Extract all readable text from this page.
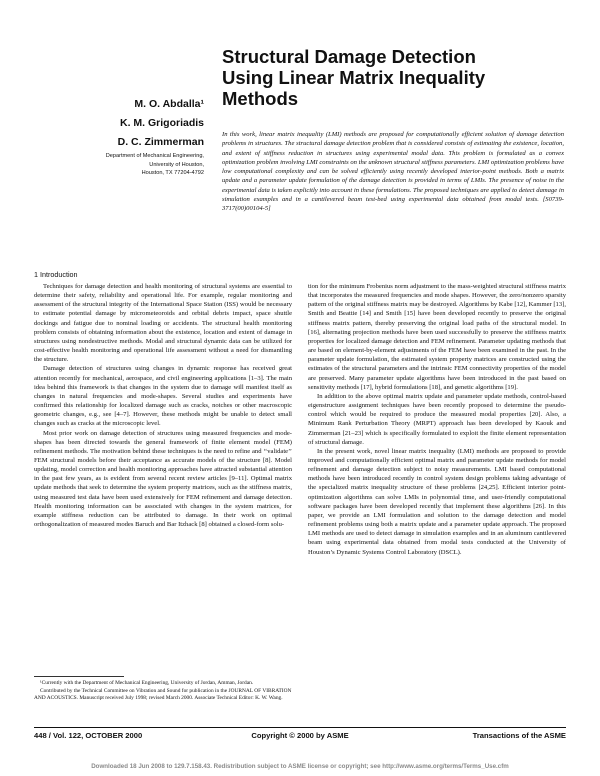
Structural Damage Detection
Using Linear Matrix Inequality
Methods
M. O. Abdalla¹
K. M. Grigoriadis
D. C. Zimmerman
Department of Mechanical Engineering,
University of Houston,
Houston, TX 77204-4792
In this work, linear matrix inequality (LMI) methods are proposed for computationally efficient solution of damage detection problems in structures. The structural damage detection problem that is considered consists of estimating the existence, location, and extent of stiffness reduction in structures using experimental modal data. This problem is formulated as a convex optimization problem involving LMI constraints on the unknown structural stiffness parameters. LMI optimization problems have low computational complexity and can be solved efficiently using recently developed interior-point methods. Both a matrix update and a parameter update formulation of the damage detection is provided in terms of LMIs. The presence of noise in the experimental data is taken explicitly into account in these formulations. The proposed techniques are applied to detect damage in simulation examples and in a cantilevered beam test-bed using experimental data obtained from modal tests. [S0739-3717(00)00104-5]
1 Introduction

Techniques for damage detection and health monitoring of structural systems are essential to determine their safety, reliability and operational life. For example, regular monitoring and assessment of the structural integrity of the International Space Station (ISS) would be necessary to estimate potential damage by micrometeoroids and orbital debris impact, space shuttle dockings and fatigue due to nominal loading or accidents. The structural health monitoring problem consists of obtaining information about the existence, location and extent of damage in structures using nondestructive methods. Modal and structural dynamic data can be utilized for cost-effective health monitoring and operational life assessment without a need for dismantling the structure.

Damage detection of structures using changes in dynamic response has received great attention recently for mechanical, aerospace, and civil engineering applications [1–3]. The main idea behind this framework is that changes in the system due to damage will manifest itself as changes in natural frequencies and mode-shapes. Several studies and experiments have confirmed this relationship for localized damage such as cracks, notches or other macroscopic geometric changes, e.g., see [4–7]. However, these methods might be unable to detect small changes such as cracks at the microscopic level.

Most prior work on damage detection of structures using measured frequencies and mode-shapes has been directed towards the general framework of finite element model (FEM) refinement methods. The motivation behind these techniques is the need to refine and ‘‘validate’’ FEM structural models before their acceptance as accurate models of the structure [8]. Model updating, model correction and health monitoring approaches have attracted substantial attention in the past few years, as is evident from several recent review articles [9–11]. Optimal matrix update methods that seek to determine the system property matrices, such as the stiffness matrix, using measured test data have been used extensively for FEM refinement and damage detection. Health monitoring information can be associated with changes in the system matrices, for example stiffness reduction can be attributed to damage. In their work on optimal orthogonalization of measured modes Baruch and Bar Itzhack [8] obtained a closed-form solu-

tion for the minimum Frobenius norm adjustment to the mass-weighted structural stiffness matrix that incorporates the measured frequencies and mode shapes. However, the zero/nonzero sparsity pattern of the original stiffness matrix may be destroyed. Algorithms by Kabe [12], Kammer [13], Smith and Beattie [14] and Smith [15] have been developed recently to preserve the original stiffness matrix pattern, thereby preserving the original load paths of the structural model. In [16], alternating projection methods have been used successfully to preserve the stiffness matrix properties for localized damage detection and FEM refinement. Parameter updating methods that are based on element-by-element adjustments of the FEM have been examined in the past. In the parameter update formulation, the estimated system property matrices are constructed using the estimates of the structural parameters and the intrinsic FEM connectivity properties of the model are preserved. Many parameter update algorithms have been introduced in the past based on sensitivity methods [17], hybrid formulations [18], and genetic algorithms [19].

In addition to the above optimal matrix update and parameter update methods, control-based eigenstructure assignment techniques have been recently proposed to determine the pseudo-control which would be required to produce the measured modal properties [20]. Also, a Minimum Rank Perturbation Theory (MRPT) approach has been developed by Kaouk and Zimmerman [21–23] which is specifically formulated to exploit the finite element representation of structural damage.

In the present work, novel linear matrix inequality (LMI) methods are proposed to provide improved and computationally efficient optimal matrix and parameter update methods for model refinement and damage detection subject to noisy measurements. LMI based computational methods have been introduced recently in control system design problems taking advantage of the specialized matrix inequality structure of these problems [24,25]. Efficient interior point-optimization algorithms can solve LMIs in polynomial time, and user-friendly computational software packages have been developed recently that implement these algorithms [26]. In this paper, we provide an LMI formulation and solution to the damage detection and model refinement problems using both a matrix update and a parameter update approach. The proposed LMI methods are used to detect damage in simulation examples and in an aluminum cantilevered beam using experimental data obtained from modal tests conducted at the University of Houston’s Dynamic Systems Control Laboratory (DSCL).

¹Currently with the Department of Mechanical Engineering, University of Jordan, Amman, Jordan.

Contributed by the Technical Committee on Vibration and Sound for publication in the JOURNAL OF VIBRATION AND ACOUSTICS. Manuscript received July 1998; revised March 2000. Associate Technical Editor: K. W. Wang.

448 / Vol. 122, OCTOBER 2000	Copyright © 2000 by ASME	Transactions of the ASME
Downloaded 18 Jun 2008 to 129.7.158.43. Redistribution subject to ASME license or copyright; see http://www.asme.org/terms/Terms_Use.cfm
